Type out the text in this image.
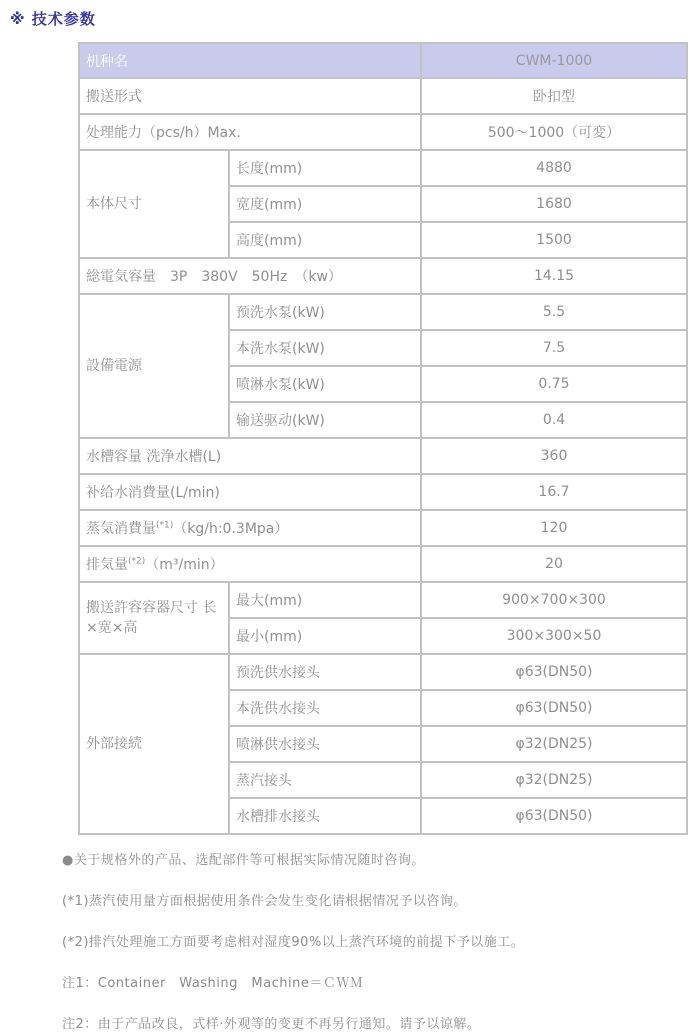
※ 技术参数
机种名		CWM-1000
搬送形式		卧扣型
处理能力（pcs/h）Max.		500～1000（可変）
本体尺寸	长度(mm)	4880
	宽度(mm)	1680
	高度(mm)	1500
総電気容量　3P　380V　50Hz　（kw）		14.15
設備電源	预洗水泵(kW)	5.5
	本洗水泵(kW)	7.5
	喷淋水泵(kW)	0.75
	输送驱动(kW)	0.4
水槽容量 洗浄水槽(L)		360
补给水消費量(L/min)		16.7
蒸気消費量$^{(*1)}$（kg/h:0.3Mpa）		120
排気量$^{(*2)}$（m³/min）		20
搬送許容容器尺寸 长×宽×高	最大(mm)	900×700×300
	最小(mm)	300×300×50
外部接続	预洗供水接头	φ63(DN50)
	本洗供水接头	φ63(DN50)
	喷淋供水接头	φ32(DN25)
	蒸汽接头	φ32(DN25)
	水槽排水接头	φ63(DN50)

●关于规格外的产品、选配部件等可根据实际情况随时咨询。

(*1)蒸汽使用量方面根据使用条件会发生变化请根据情况予以咨询。

(*2)排汽处理施工方面要考虑相对湿度90%以上蒸汽环境的前提下予以施工。

注1：Container　Washing　Machine＝ＣＷＭ

注2：由于产品改良，式样·外观等的变更不再另行通知。请予以谅解。
